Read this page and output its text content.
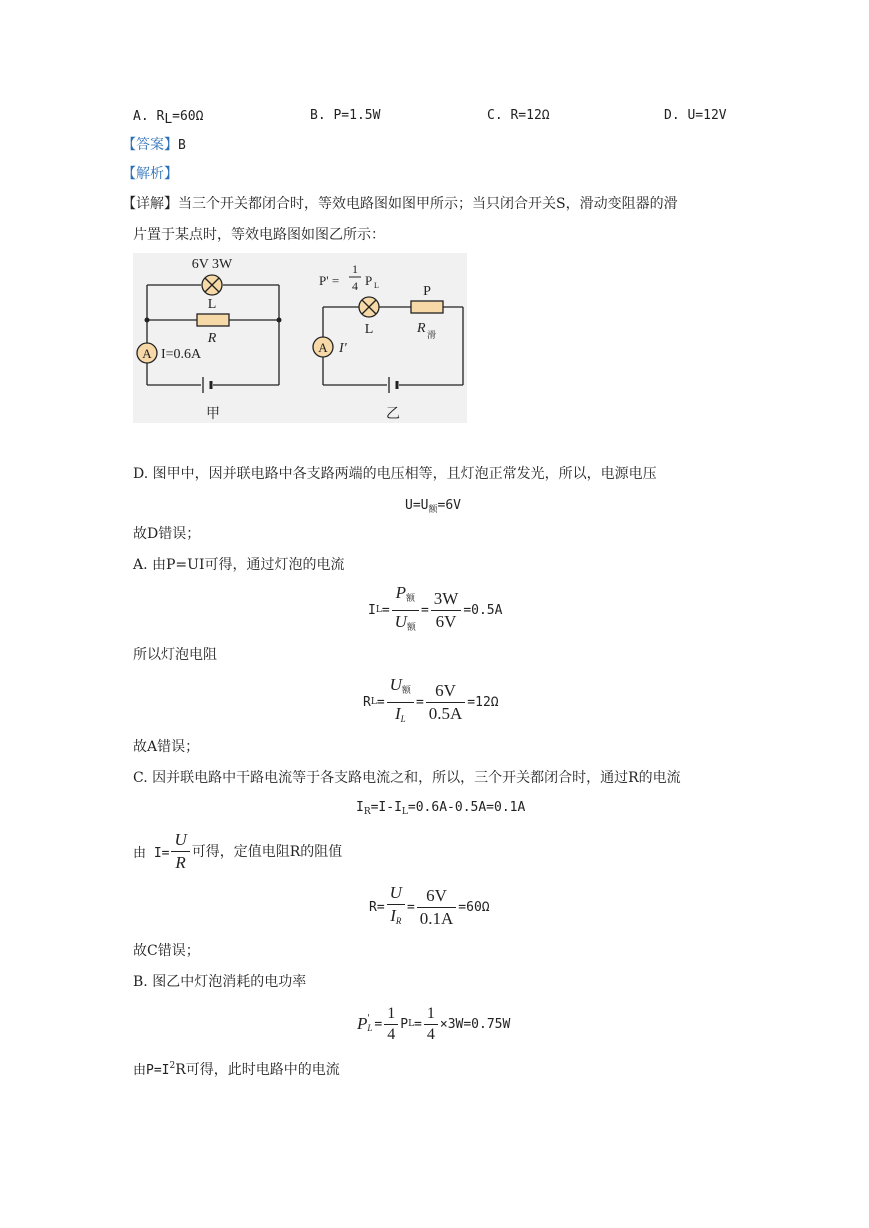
A. RL=60Ω	B. P=1.5W	C. R=12Ω	D. U=12V
【答案】B
【解析】
【详解】当三个开关都闭合时，等效电路图如图甲所示；当只闭合开关S，滑动变阻器的滑
片置于某点时，等效电路图如图乙所示：
A
6V 3W
L
R
I=0.6A
甲
A
P' =
1
4 P L	P
L	R 滑
I'
乙
D. 图甲中，因并联电路中各支路两端的电压相等，且灯泡正常发光，所以，电源电压
$U=U_额=6V$
故D错误；
A. 由P=UI可得，通过灯泡的电流
I $L = \frac{P_额}{U_额} = \frac{3W}{6V} =0.5A$
所以灯泡电阻
R $L = \frac{U_额}{I_L} = \frac{6V}{0.5A} =12\Omega$
故A错误；
C. 因并联电路中干路电流等于各支路电流之和，所以，三个开关都闭合时，通过R的电流
$I_R=I-I_L=0.6A-0.5A=0.1A$
由 $I= \frac{U}{R}$ 可得，定值电阻R的阻值
$R= \frac{U}{I_R} = \frac{6V}{0.1A} =60\Omega$
故C错误；
B. 图乙中灯泡消耗的电功率
P '
$L = \frac{1}{4}$ P $L = \frac{1}{4} \times 3W=0.75W$
由$P=I^2R$可得，此时电路中的电流
